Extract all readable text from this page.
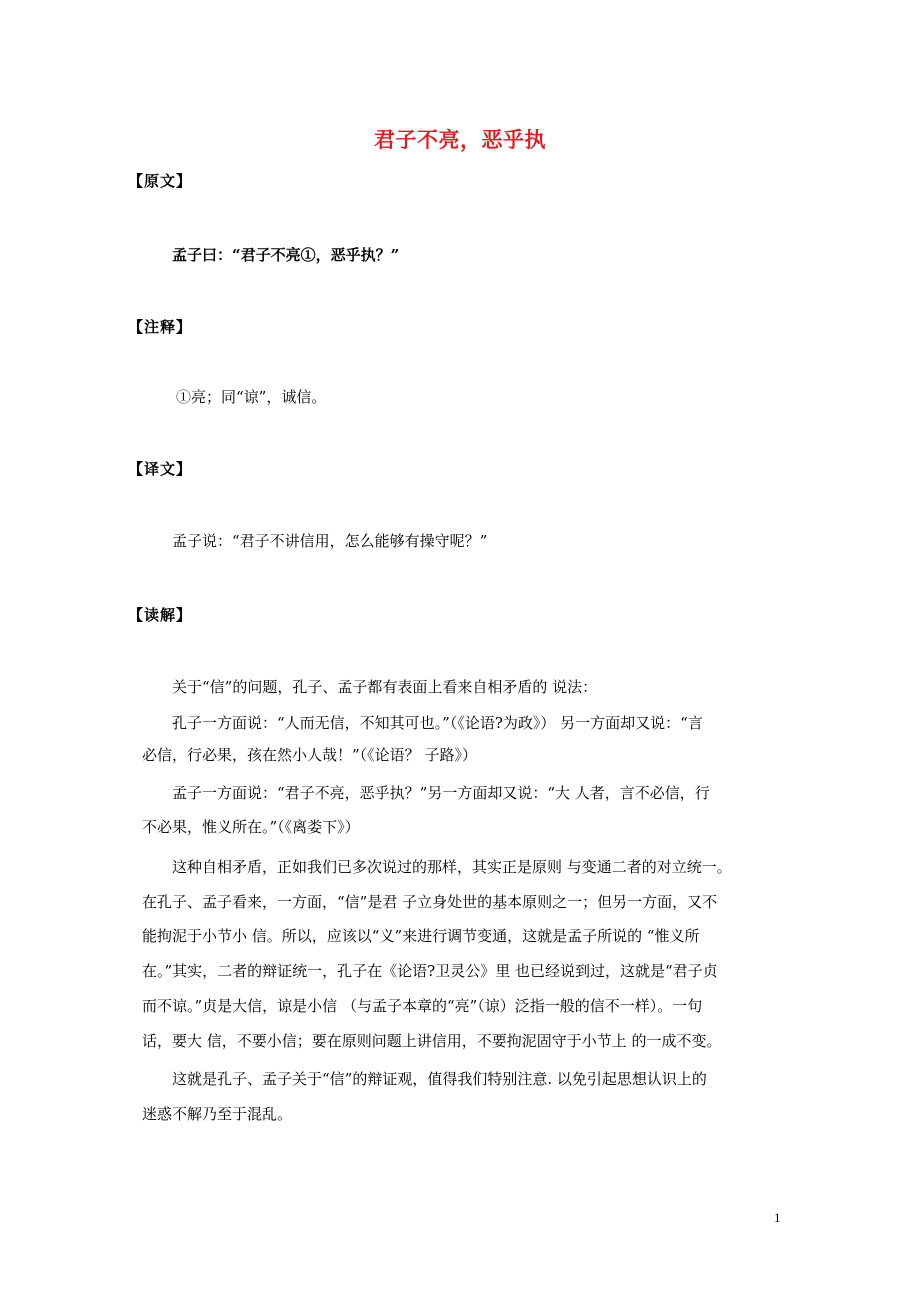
君子不亮，恶乎执
【原文】
孟子曰：“君子不亮①，恶乎执？”
【注释】
①亮；同“谅”，诚信。
【译文】
孟子说：“君子不讲信用，怎么能够有操守呢？”
【读解】
关于“信”的问题，孔子、孟子都有表面上看来自相矛盾的 说法：
孔子一方面说：“人而无信，不知其可也。”（《论语?为政》） 另一方面却又说：“言
必信，行必果，孩在然小人哉！”（《论语？ 子路》）
孟子一方面说：“君子不亮，恶乎执？”另一方面却又说：“大 人者，言不必信，行
不必果，惟义所在。”（《离娄下》）
这种自相矛盾，正如我们已多次说过的那样，其实正是原则 与变通二者的对立统一。
在孔子、孟子看来，一方面，“信”是君 子立身处世的基本原则之一；但另一方面，又不
能拘泥于小节小 信。所以，应该以“义”来进行调节变通，这就是孟子所说的 “惟义所
在。”其实，二者的辩证统一，孔子在《论语?卫灵公》里 也已经说到过，这就是“君子贞
而不谅。”贞是大信，谅是小信 （与孟子本章的“亮”（谅）泛指一般的信不一样）。一句
话，要大 信，不要小信；要在原则问题上讲信用，不要拘泥固守于小节上 的一成不变。
这就是孔子、孟子关于“信”的辩证观，值得我们特别注意. 以免引起思想认识上的
迷惑不解乃至于混乱。
1
